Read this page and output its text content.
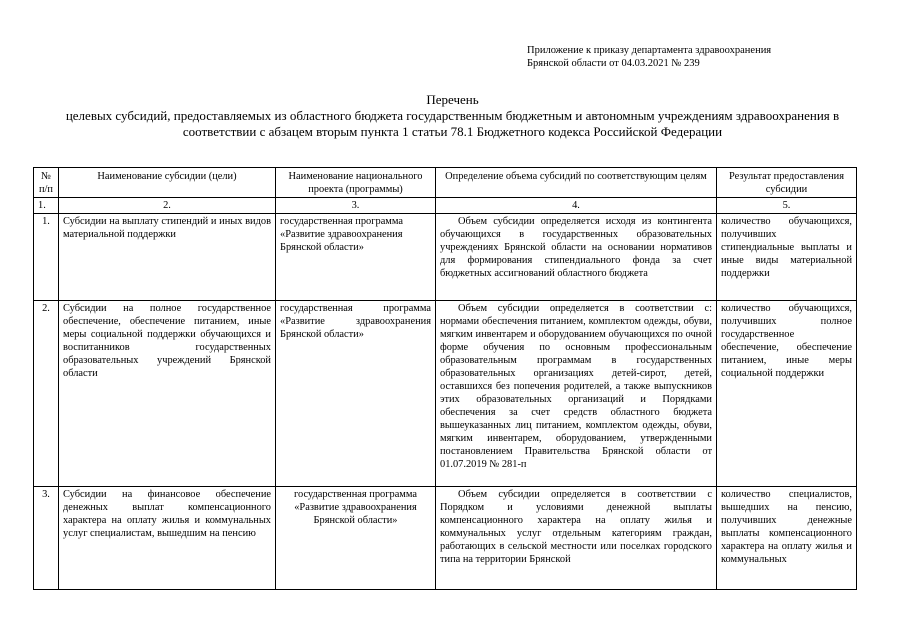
Приложение к приказу департамента здравоохранения
Брянской области от 04.03.2021 № 239
Перечень
целевых субсидий, предоставляемых из областного бюджета государственным бюджетным и автономным учреждениям здравоохранения в соответствии с абзацем вторым пункта 1 статьи 78.1 Бюджетного кодекса Российской Федерации
№ п/п	Наименование субсидии (цели)	Наименование национального проекта (программы)	Определение объема субсидий по соответствующим целям	Результат предоставления субсидии
1.	2.	3.	4.	5.
1.	Субсидии на выплату стипендий и иных видов материальной поддержки	государственная программа «Развитие здравоохранения Брянской области»	Объем субсидии определяется исходя из контингента обучающихся в государственных образовательных учреждениях Брянской области на основании нормативов для формирования стипендиального фонда за счет бюджетных ассигнований областного бюджета	количество обучающихся, получивших стипендиальные выплаты и иные виды материальной поддержки
2.	Субсидии на полное государственное обеспечение, обеспечение питанием, иные меры социальной поддержки обучающихся и воспитанников государственных образовательных учреждений Брянской области	государственная программа «Развитие здравоохранения Брянской области»	Объем субсидии определяется в соответствии с: нормами обеспечения питанием, комплектом одежды, обуви, мягким инвентарем и оборудованием обучающихся по очной форме обучения по основным профессиональным образовательным программам в государственных образовательных организациях детей-сирот, детей, оставшихся без попечения родителей, а также выпускников этих образовательных организаций и Порядками обеспечения за счет средств областного бюджета вышеуказанных лиц питанием, комплектом одежды, обуви, мягким инвентарем, оборудованием, утвержденными постановлением Правительства Брянской области от 01.07.2019 № 281-п	количество обучающихся, получивших полное государственное обеспечение, обеспечение питанием, иные меры социальной поддержки
3.	Субсидии на финансовое обеспечение денежных выплат компенсационного характера на оплату жилья и коммунальных услуг специалистам, вышедшим на пенсию	государственная программа «Развитие здравоохранения Брянской области»	Объем субсидии определяется в соответствии с Порядком и условиями денежной выплаты компенсационного характера на оплату жилья и коммунальных услуг отдельным категориям граждан, работающих в сельской местности или поселках городского типа на территории Брянской	количество специалистов, вышедших на пенсию, получивших денежные выплаты компенсационного характера на оплату жилья и коммунальных
